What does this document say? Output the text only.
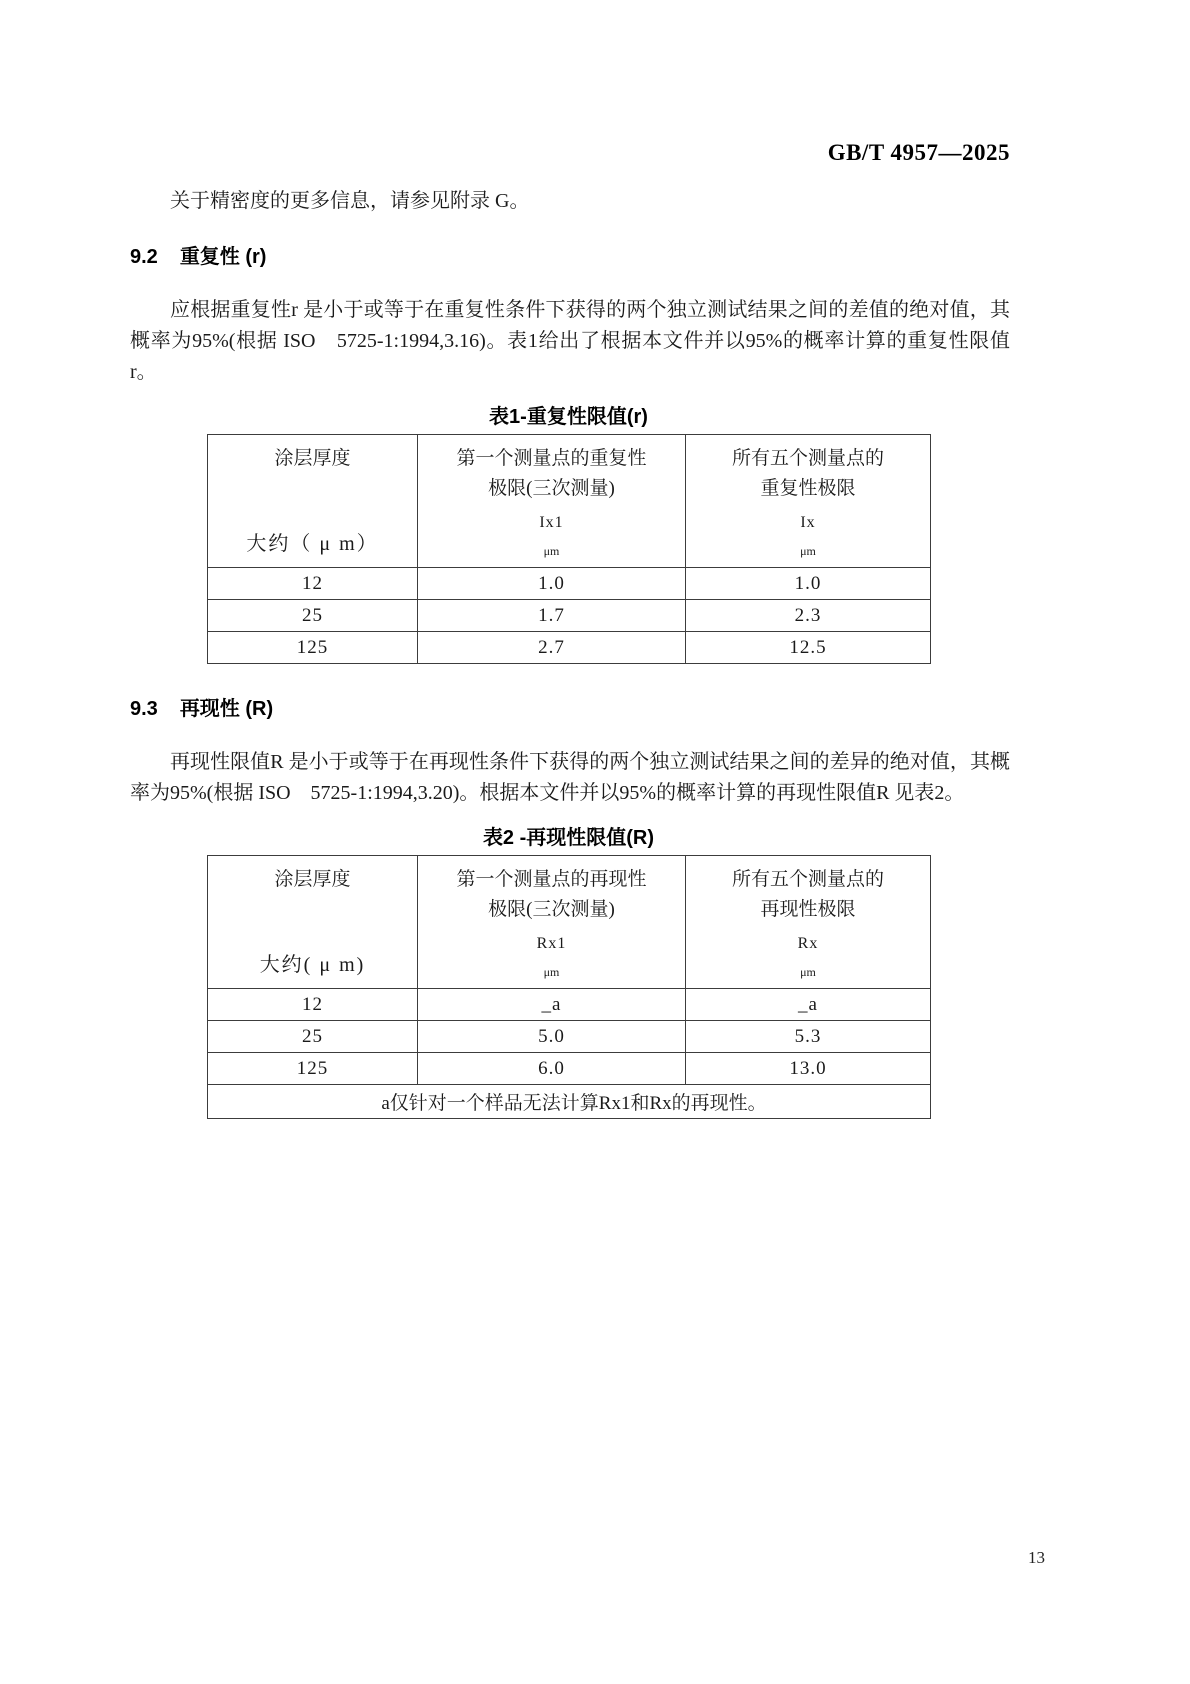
GB/T 4957—2025

关于精密度的更多信息，请参见附录 G。

9.2 重复性 (r)

应根据重复性r 是小于或等于在重复性条件下获得的两个独立测试结果之间的差值的绝对值，其概率为95%(根据 ISO　5725-1:1994,3.16)。表1给出了根据本文件并以95%的概率计算的重复性限值 r。

表1-重复性限值(r)
涂层厚度
大约（ μ m）

第一个测量点的重复性
极限(三次测量)
Ix1
μm

所有五个测量点的
重复性极限
Ix
μm

12	1.0	1.0
25	1.7	2.3
125	2.7	12.5
9.3 再现性 (R)

再现性限值R 是小于或等于在再现性条件下获得的两个独立测试结果之间的差异的绝对值，其概率为95%(根据 ISO　5725-1:1994,3.20)。根据本文件并以95%的概率计算的再现性限值R 见表2。

表2 -再现性限值(R)
涂层厚度
大约( μ m)

第一个测量点的再现性
极限(三次测量)
Rx1
μm

所有五个测量点的
再现性极限
Rx
μm

12	_a	_a
25	5.0	5.3
125	6.0	13.0
a仅针对一个样品无法计算Rx1和Rx的再现性。		
13
